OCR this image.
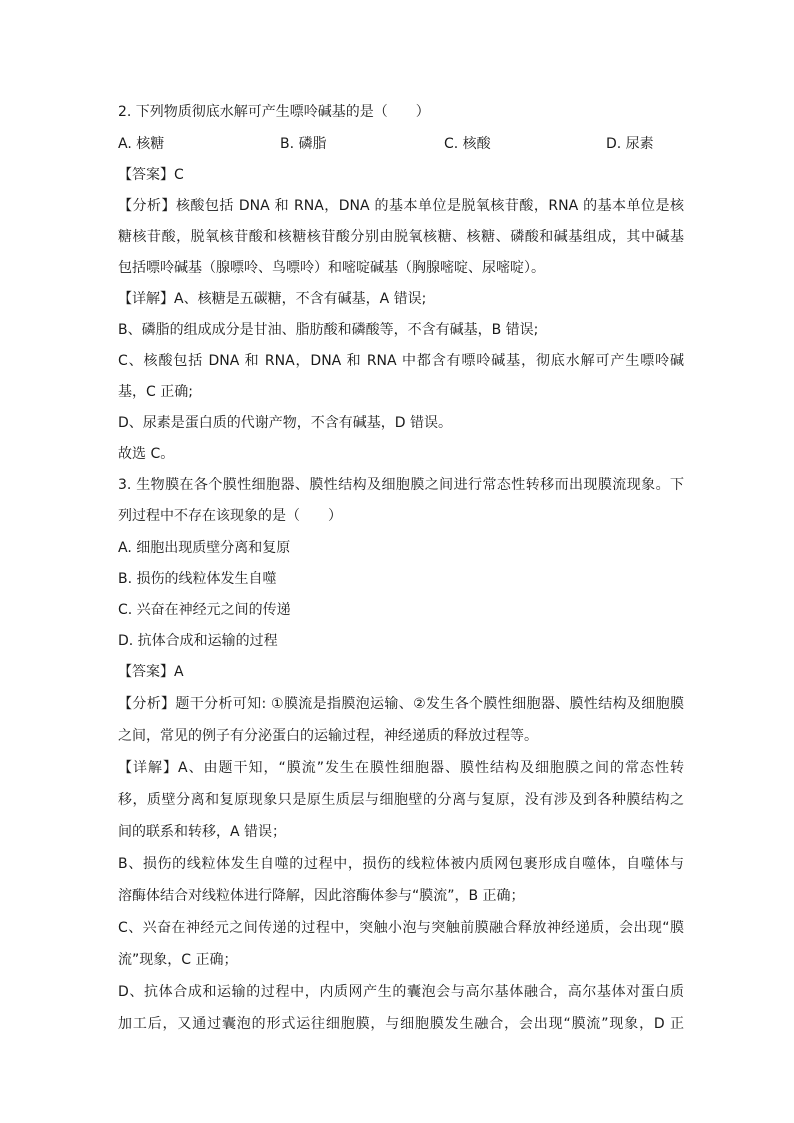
2. 下列物质彻底水解可产生嘌呤碱基的是（　　）
A. 核糖	B. 磷脂	C. 核酸	D. 尿素
【答案】C
【分析】核酸包括 DNA 和 RNA，DNA 的基本单位是脱氧核苷酸，RNA 的基本单位是核
糖核苷酸，脱氧核苷酸和核糖核苷酸分别由脱氧核糖、核糖、磷酸和碱基组成，其中碱基
包括嘌呤碱基（腺嘌呤、鸟嘌呤）和嘧啶碱基（胸腺嘧啶、尿嘧啶）。
【详解】A、核糖是五碳糖，不含有碱基，A 错误;
B、磷脂的组成成分是甘油、脂肪酸和磷酸等，不含有碱基，B 错误;
C、核酸包括 DNA 和 RNA，DNA 和 RNA 中都含有嘌呤碱基，彻底水解可产生嘌呤碱
基，C 正确;
D、尿素是蛋白质的代谢产物，不含有碱基，D 错误。
故选 C。
3. 生物膜在各个膜性细胞器、膜性结构及细胞膜之间进行常态性转移而出现膜流现象。下
列过程中不存在该现象的是（　　）
A. 细胞出现质壁分离和复原
B. 损伤的线粒体发生自噬
C. 兴奋在神经元之间的传递
D. 抗体合成和运输的过程
【答案】A
【分析】题干分析可知: ①膜流是指膜泡运输、②发生各个膜性细胞器、膜性结构及细胞膜
之间，常见的例子有分泌蛋白的运输过程，神经递质的释放过程等。
【详解】A、由题干知，“膜流”发生在膜性细胞器、膜性结构及细胞膜之间的常态性转
移，质壁分离和复原现象只是原生质层与细胞壁的分离与复原，没有涉及到各种膜结构之
间的联系和转移，A 错误；
B、损伤的线粒体发生自噬的过程中，损伤的线粒体被内质网包裹形成自噬体，自噬体与
溶酶体结合对线粒体进行降解，因此溶酶体参与“膜流”，B 正确；
C、兴奋在神经元之间传递的过程中，突触小泡与突触前膜融合释放神经递质，会出现“膜
流”现象，C 正确；
D、抗体合成和运输的过程中，内质网产生的囊泡会与高尔基体融合，高尔基体对蛋白质
加工后，又通过囊泡的形式运往细胞膜，与细胞膜发生融合，会出现“膜流”现象，D 正
